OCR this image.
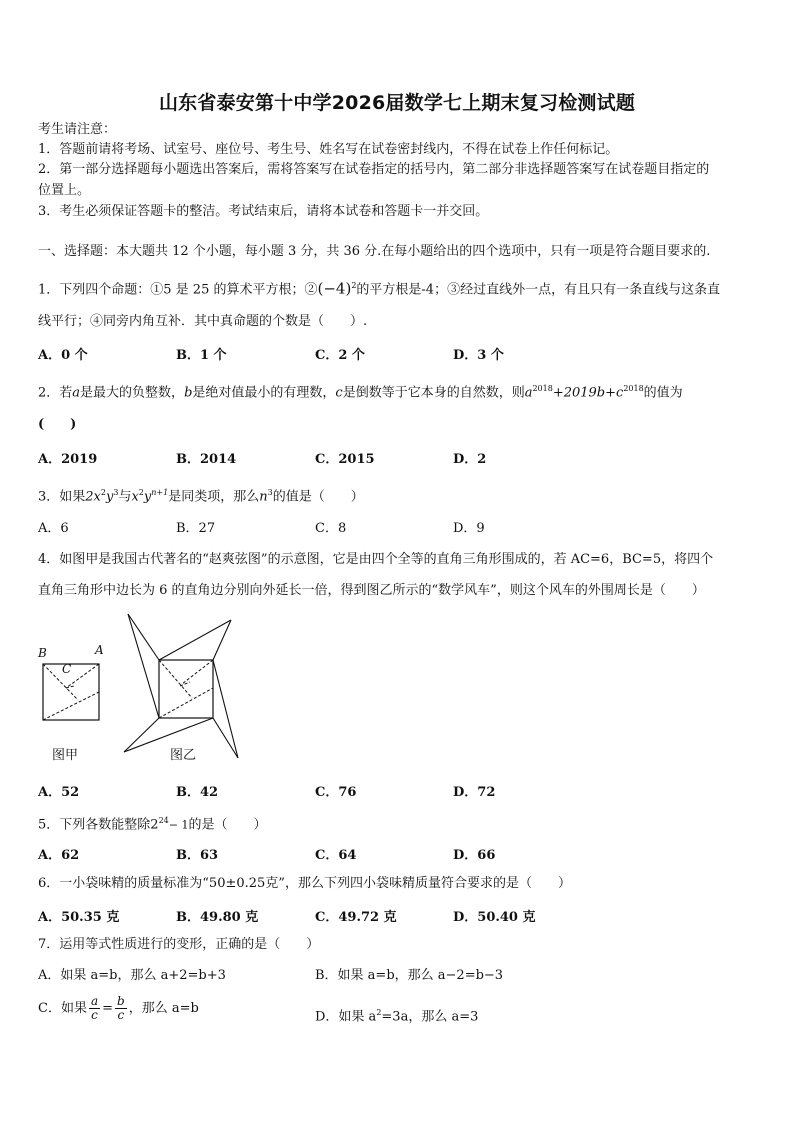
山东省泰安第十中学2026届数学七上期末复习检测试题
考生请注意：
1．答题前请将考场、试室号、座位号、考生号、姓名写在试卷密封线内，不得在试卷上作任何标记。
2．第一部分选择题每小题选出答案后，需将答案写在试卷指定的括号内，第二部分非选择题答案写在试卷题目指定的
位置上。
3．考生必须保证答题卡的整洁。考试结束后，请将本试卷和答题卡一并交回。
一、选择题：本大题共 12 个小题，每小题 3 分，共 36 分.在每小题给出的四个选项中，只有一项是符合题目要求的.
1．下列四个命题：①5 是 25 的算术平方根；$②(-4)^2$的平方根是-4；③经过直线外一点，有且只有一条直线与这条直
线平行；④同旁内角互补．其中真命题的个数是（　　）.
A．0 个	B．1 个	C．2 个	D．3 个
2．若a是最大的负整数，b是绝对值最小的有理数，c是倒数等于它本身的自然数，则$a^{2018}+2019b+c^{2018}$的值为
(　　)
A．2019	B．2014	C．2015	D．2
3．如果$2x^2y^3$与$x^2y^{n+1}$是同类项，那么$n^3$的值是（　　）
A．6	B．27	C．8	D．9
4．如图甲是我国古代著名的“赵爽弦图”的示意图，它是由四个全等的直角三角形围成的，若 AC=6，BC=5，将四个
直角三角形中边长为 6 的直角边分别向外延长一倍，得到图乙所示的“数学风车”，则这个风车的外围周长是（　　）
B	A
C
图甲	图乙
A．52	B．42	C．76	D．72
5．下列各数能整除$2^{24}- 1$的是（　　）
A．62	B．63	C．64	D．66
6．一小袋味精的质量标准为“50±0.25克”，那么下列四小袋味精质量符合要求的是（　　）
A．50.35 克	B．49.80 克	C．49.72 克	D．50.40 克
7．运用等式性质进行的变形，正确的是（　　）
A．如果 a=b，那么 a+2=b+3	B．如果 a=b，那么 a−2=b−3
C．如果 $\frac{a}{c} = \frac{b}{c}$ ，那么 a=b
D．如果 $a^2=3a$，那么 a=3
